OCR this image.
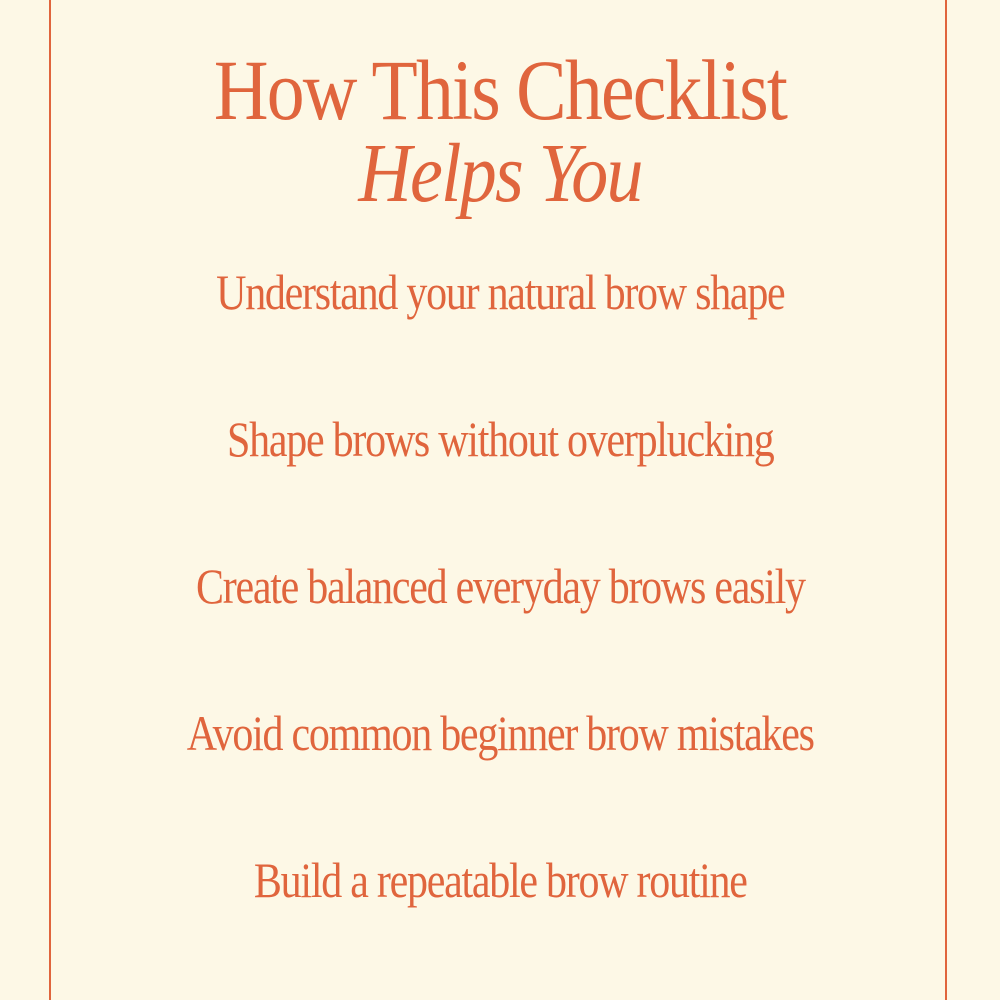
How This Checklist
Helps You
Understand your natural brow shape
Shape brows without overplucking
Create balanced everyday brows easily
Avoid common beginner brow mistakes
Build a repeatable brow routine
